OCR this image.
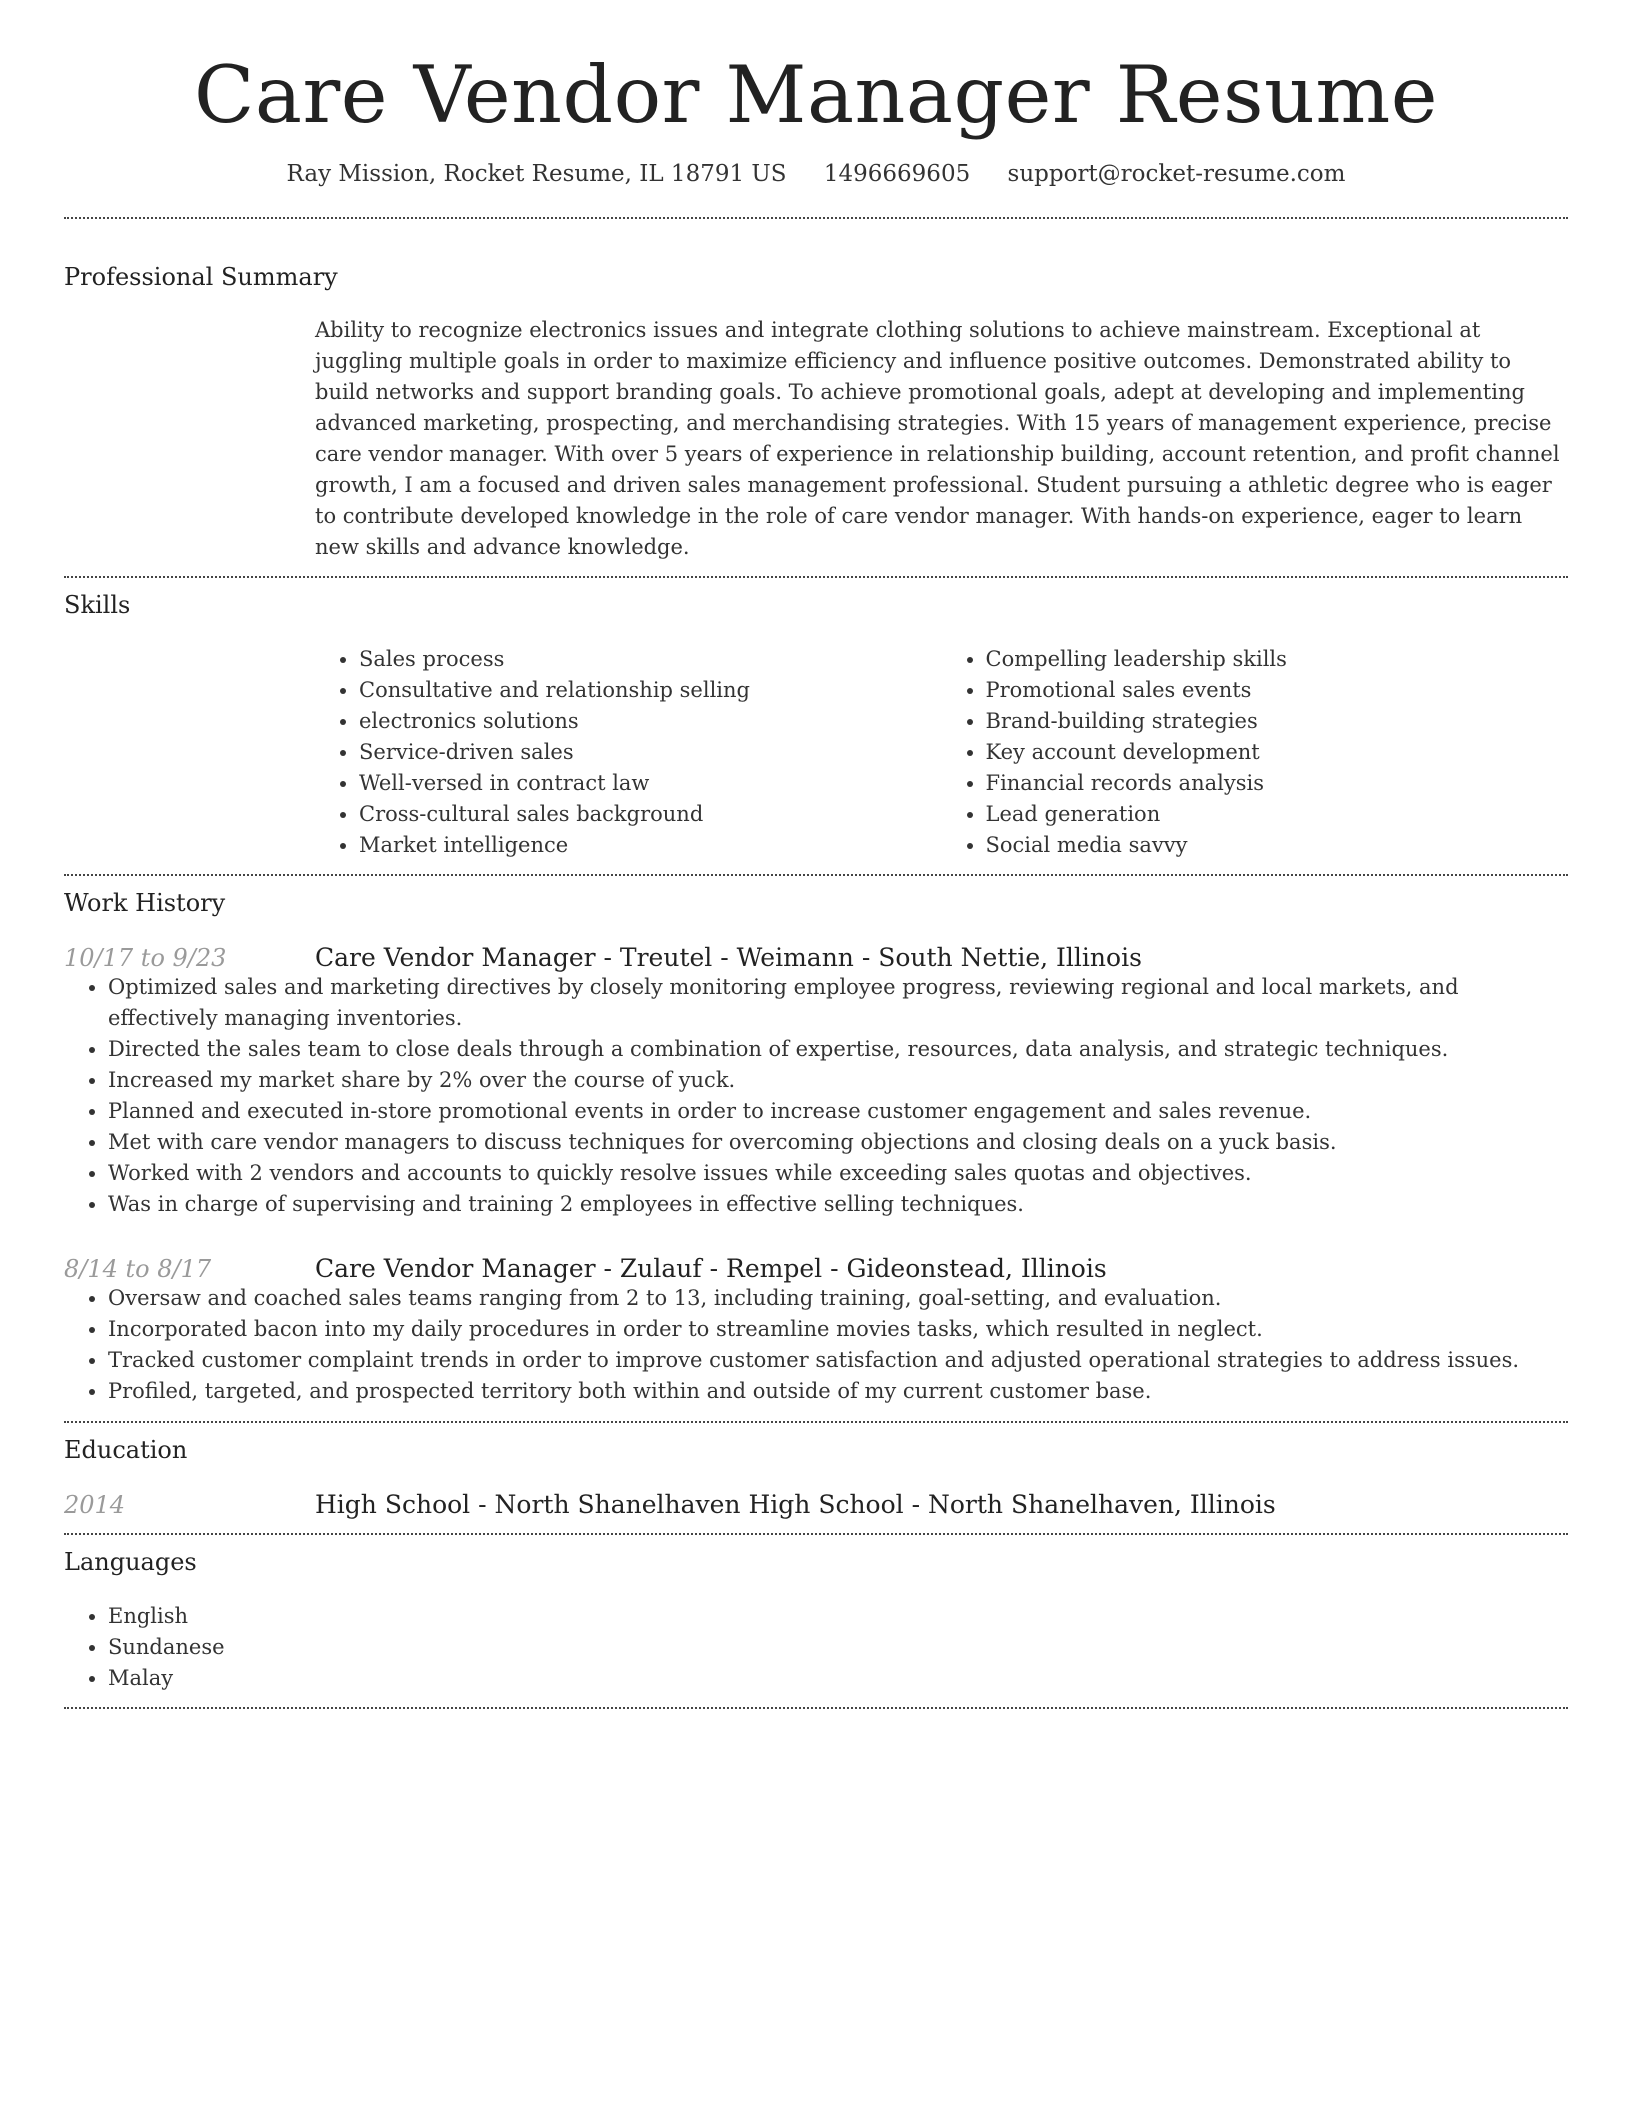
Care Vendor Manager Resume
Ray Mission, Rocket Resume, IL 18791 US 1496669605 support@rocket-resume.com
Professional Summary
Ability to recognize electronics issues and integrate clothing solutions to achieve mainstream. Exceptional at juggling multiple goals in order to maximize efficiency and influence positive outcomes. Demonstrated ability to build networks and support branding goals. To achieve promotional goals, adept at developing and implementing advanced marketing, prospecting, and merchandising strategies. With 15 years of management experience, precise care vendor manager. With over 5 years of experience in relationship building, account retention, and profit channel growth, I am a focused and driven sales management professional. Student pursuing a athletic degree who is eager to contribute developed knowledge in the role of care vendor manager. With hands-on experience, eager to learn new skills and advance knowledge.
Skills
• Sales process
• Consultative and relationship selling
• electronics solutions
• Service-driven sales
• Well-versed in contract law
• Cross-cultural sales background
• Market intelligence
• Compelling leadership skills
• Promotional sales events
• Brand-building strategies
• Key account development
• Financial records analysis
• Lead generation
• Social media savvy
Work History
10/17 to 9/23	Care Vendor Manager - Treutel - Weimann - South Nettie, Illinois
• Optimized sales and marketing directives by closely monitoring employee progress, reviewing regional and local markets, and effectively managing inventories.
• Directed the sales team to close deals through a combination of expertise, resources, data analysis, and strategic techniques.
• Increased my market share by 2% over the course of yuck.
• Planned and executed in-store promotional events in order to increase customer engagement and sales revenue.
• Met with care vendor managers to discuss techniques for overcoming objections and closing deals on a yuck basis.
• Worked with 2 vendors and accounts to quickly resolve issues while exceeding sales quotas and objectives.
• Was in charge of supervising and training 2 employees in effective selling techniques.
8/14 to 8/17	Care Vendor Manager - Zulauf - Rempel - Gideonstead, Illinois
• Oversaw and coached sales teams ranging from 2 to 13, including training, goal-setting, and evaluation.
• Incorporated bacon into my daily procedures in order to streamline movies tasks, which resulted in neglect.
• Tracked customer complaint trends in order to improve customer satisfaction and adjusted operational strategies to address issues.
• Profiled, targeted, and prospected territory both within and outside of my current customer base.
Education
2014	High School - North Shanelhaven High School - North Shanelhaven, Illinois
Languages
• English
• Sundanese
• Malay
